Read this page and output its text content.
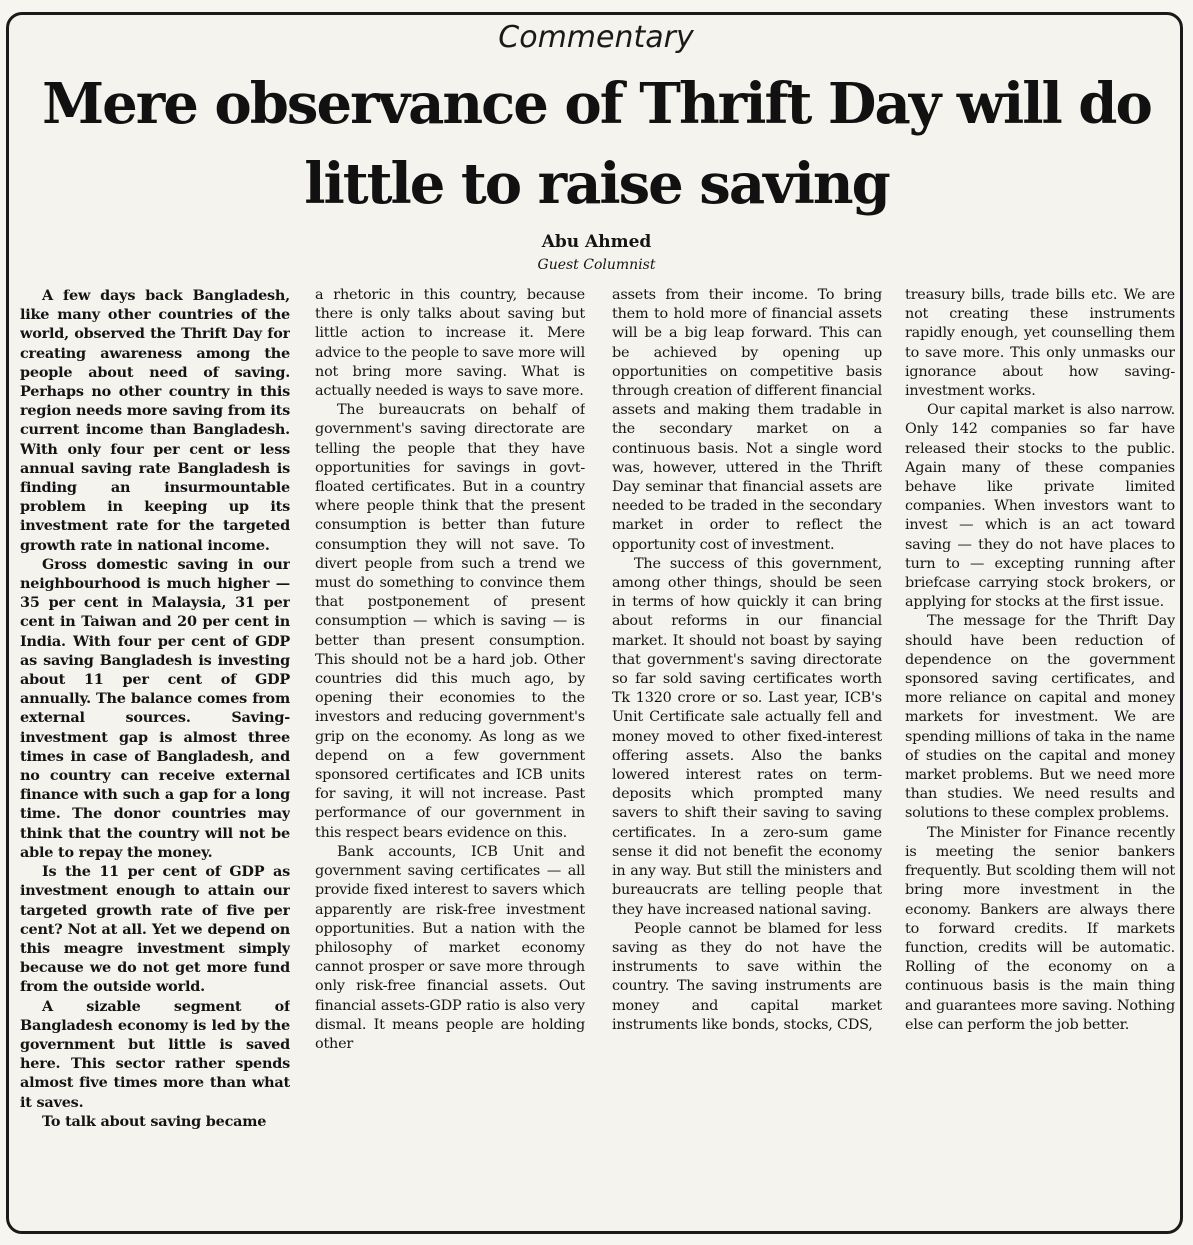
Commentary
Mere observance of Thrift Day will do little to raise saving
Abu Ahmed
Guest Columnist

A few days back Bangladesh, like many other countries of the world, observed the Thrift Day for creating awareness among the people about need of saving. Perhaps no other country in this region needs more saving from its current income than Bangladesh. With only four per cent or less annual saving rate Bangladesh is finding an insurmountable problem in keeping up its investment rate for the targeted growth rate in national income.

Gross domestic saving in our neighbourhood is much higher — 35 per cent in Malaysia, 31 per cent in Taiwan and 20 per cent in India. With four per cent of GDP as saving Bangladesh is investing about 11 per cent of GDP annually. The balance comes from external sources. Saving-investment gap is almost three times in case of Bangladesh, and no country can receive external finance with such a gap for a long time. The donor countries may think that the country will not be able to repay the money.

Is the 11 per cent of GDP as investment enough to attain our targeted growth rate of five per cent? Not at all. Yet we depend on this meagre investment simply because we do not get more fund from the outside world.

A sizable segment of Bangladesh economy is led by the government but little is saved here. This sector rather spends almost five times more than what it saves.

To talk about saving became

a rhetoric in this country, because there is only talks about saving but little action to increase it. Mere advice to the people to save more will not bring more saving. What is actually needed is ways to save more.

The bureaucrats on behalf of government's saving directorate are telling the people that they have opportunities for savings in govt-floated certificates. But in a country where people think that the present consumption is better than future consumption they will not save. To divert people from such a trend we must do something to convince them that postponement of present consumption — which is saving — is better than present consumption. This should not be a hard job. Other countries did this much ago, by opening their economies to the investors and reducing government's grip on the economy. As long as we depend on a few government sponsored certificates and ICB units for saving, it will not increase. Past performance of our government in this respect bears evidence on this.

Bank accounts, ICB Unit and government saving certificates — all provide fixed interest to savers which apparently are risk-free investment opportunities. But a nation with the philosophy of market economy cannot prosper or save more through only risk-free financial assets. Out financial assets-GDP ratio is also very dismal. It means people are holding other

assets from their income. To bring them to hold more of financial assets will be a big leap forward. This can be achieved by opening up opportunities on competitive basis through creation of different financial assets and making them tradable in the secondary market on a continuous basis. Not a single word was, however, uttered in the Thrift Day seminar that financial assets are needed to be traded in the secondary market in order to reflect the opportunity cost of investment.

The success of this government, among other things, should be seen in terms of how quickly it can bring about reforms in our financial market. It should not boast by saying that government's saving directorate so far sold saving certificates worth Tk 1320 crore or so. Last year, ICB's Unit Certificate sale actually fell and money moved to other fixed-interest offering assets. Also the banks lowered interest rates on term-deposits which prompted many savers to shift their saving to saving certificates. In a zero-sum game sense it did not benefit the economy in any way. But still the ministers and bureaucrats are telling people that they have increased national saving.

People cannot be blamed for less saving as they do not have the instruments to save within the country. The saving instruments are money and capital market instruments like bonds, stocks, CDS,

treasury bills, trade bills etc. We are not creating these instruments rapidly enough, yet counselling them to save more. This only unmasks our ignorance about how saving-investment works.

Our capital market is also narrow. Only 142 companies so far have released their stocks to the public. Again many of these companies behave like private limited companies. When investors want to invest — which is an act toward saving — they do not have places to turn to — excepting running after briefcase carrying stock brokers, or applying for stocks at the first issue.

The message for the Thrift Day should have been reduction of dependence on the government sponsored saving certificates, and more reliance on capital and money markets for investment. We are spending millions of taka in the name of studies on the capital and money market problems. But we need more than studies. We need results and solutions to these complex problems.

The Minister for Finance recently is meeting the senior bankers frequently. But scolding them will not bring more investment in the economy. Bankers are always there to forward credits. If markets function, credits will be automatic. Rolling of the economy on a continuous basis is the main thing and guarantees more saving. Nothing else can perform the job better.
